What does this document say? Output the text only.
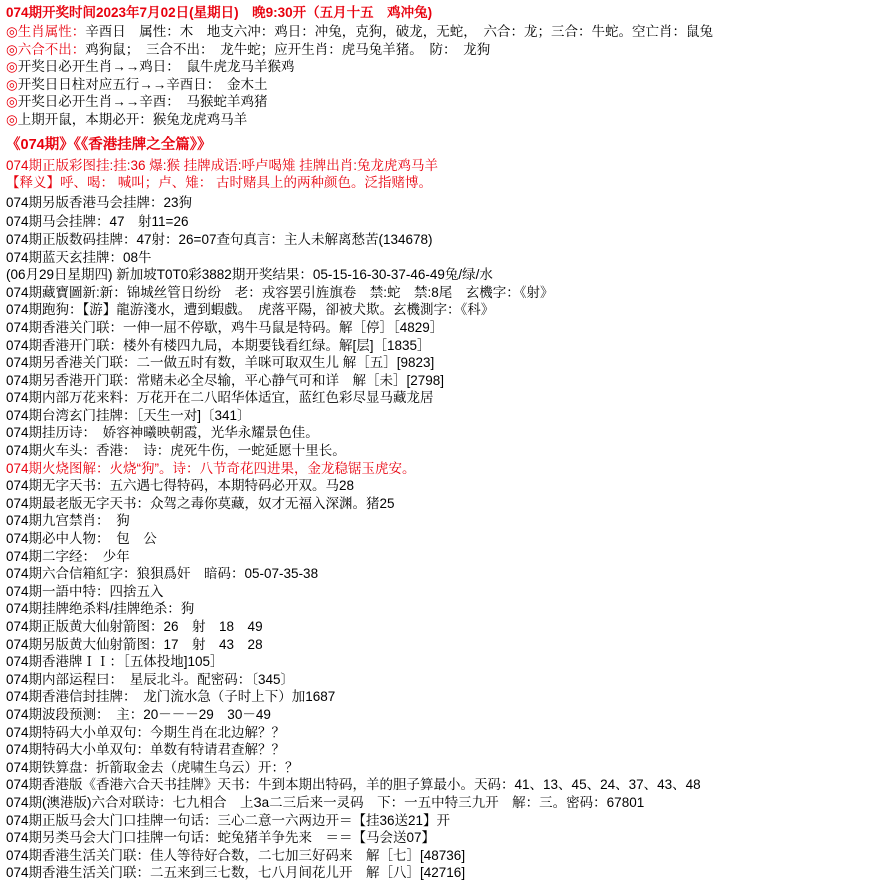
074期开奖时间2023年7月02日(星期日)　晚9:30开（五月十五　鸡冲兔)
◎生肖属性：辛酉日　属性：木　地支六冲：鸡日：冲兔，克狗，破龙，无蛇，　六合：龙；三合：牛蛇。空亡肖：鼠兔
◎六合不出：鸡狗鼠；　三合不出：　龙牛蛇；应开生肖：虎马兔羊猪。　防：　龙狗
◎开奖日必开生肖→→鸡日：　鼠牛虎龙马羊猴鸡
◎开奖日日柱对应五行→→辛酉日：　金木土
◎开奖日必开生肖→→辛酉：　马猴蛇羊鸡猪
◎上期开鼠，本期必开：猴兔龙虎鸡马羊
《074期》《《香港挂牌之全篇》》
074期正版彩图挂:挂:36 爆:猴 挂牌成语:呼卢喝雉 挂牌出肖:兔龙虎鸡马羊
【释义】呼、喝： 喊叫；卢、雉： 古时赌具上的两种颜色。泛指赌博。
074期另版香港马会挂牌：23狗
074期马会挂牌：47　射11=26
074期正版数码挂牌：47射：26=07查句真言：主人未解离愁苦(134678)
074期蓝天玄挂牌：08牛
(06月29日星期四) 新加坡T0T0彩3882期开奖结果：05-15-16-30-37-46-49兔/绿/水
074期藏寶圖新:新：锦城丝管日纷纷　老：戎容罢引旌旗卷　禁:蛇　禁:8尾　玄機字：《射》
074期跑狗：【游】龍游淺水，遭到蝦戲。　虎落平陽，卻被犬欺。玄機測字：《科》
074期香港关门联：一伸一屈不停歇，鸡牛马鼠是特码。解［停］［4829］
074期香港开门联：楼外有楼四九局，本期要钱看红绿。解[层]［1835］
074期另香港关门联：二一做五时有数，羊咪可取双生儿 解［五］[9823]
074期另香港开门联：常赌未必全尽输，平心静气可和详　解［未］[2798]
074期内部万花来料：万花开在二八昭华体适宜，蓝红色彩尽显马藏龙居
074期台湾玄门挂牌：［天生一对]〔341〕
074期挂历诗：　娇容神曦映朝霞，光华永耀景色佳。
074期火车头：香港：　诗：虎死牛伤，一蛇延愿十里长。
074期火烧图解：火烧“狗”。诗：八节奇花四进果，金龙稳锯玉虎安。
074期无字天书：五六遇七得特码，本期特码必开双。马28
074期最老版无字天书：众驾之毒你莫藏，奴才无福入深渊。猪25
074期九宫禁肖：　狗
074期必中人物：　包　公
074期二字经：　少年
074期六合信箱紅字：狼狽爲奸　暗码：05-07-35-38
074期一語中特：四捨五入
074期挂牌绝杀料/挂牌绝杀：狗
074期正版黄大仙射箭图：26　射　18　49
074期另版黄大仙射箭图：17　射　43　28
074期香港牌ＩＩ：［五体投地]105］
074期内部运程曰：　星辰北斗。配密码：〔345〕
074期香港信封挂牌：　龙门流水急（子时上下）加1687
074期波段预测：　主：20－－－29　30－49
074期特码大小单双句：今期生肖在北边解？？
074期特码大小单双句：单数有特请君查解？？
074期铁算盘：折箭取金去（虎啸生乌云）开：？
074期香港版《香港六合天书挂牌》天书：牛到本期出特码，羊的胆子算最小。天码：41、13、45、24、37、43、48
074期(澳港版)六合对联诗：七九相合　上За二三后来一灵码　下：一五中特三九开　解：三。密码：67801
074期正版马会大门口挂牌一句话：三心二意一六两边开＝【挂36送21】开
074期另类马会大门口挂牌一句话：蛇兔猪羊争先来　＝＝【马会送07】
074期香港生活关门联：佳人等待好合数，二七加三好码来　解［七］[48736]
074期香港生活关门联：二五来到三七数，七八月间花儿开　解［八］[42716]
